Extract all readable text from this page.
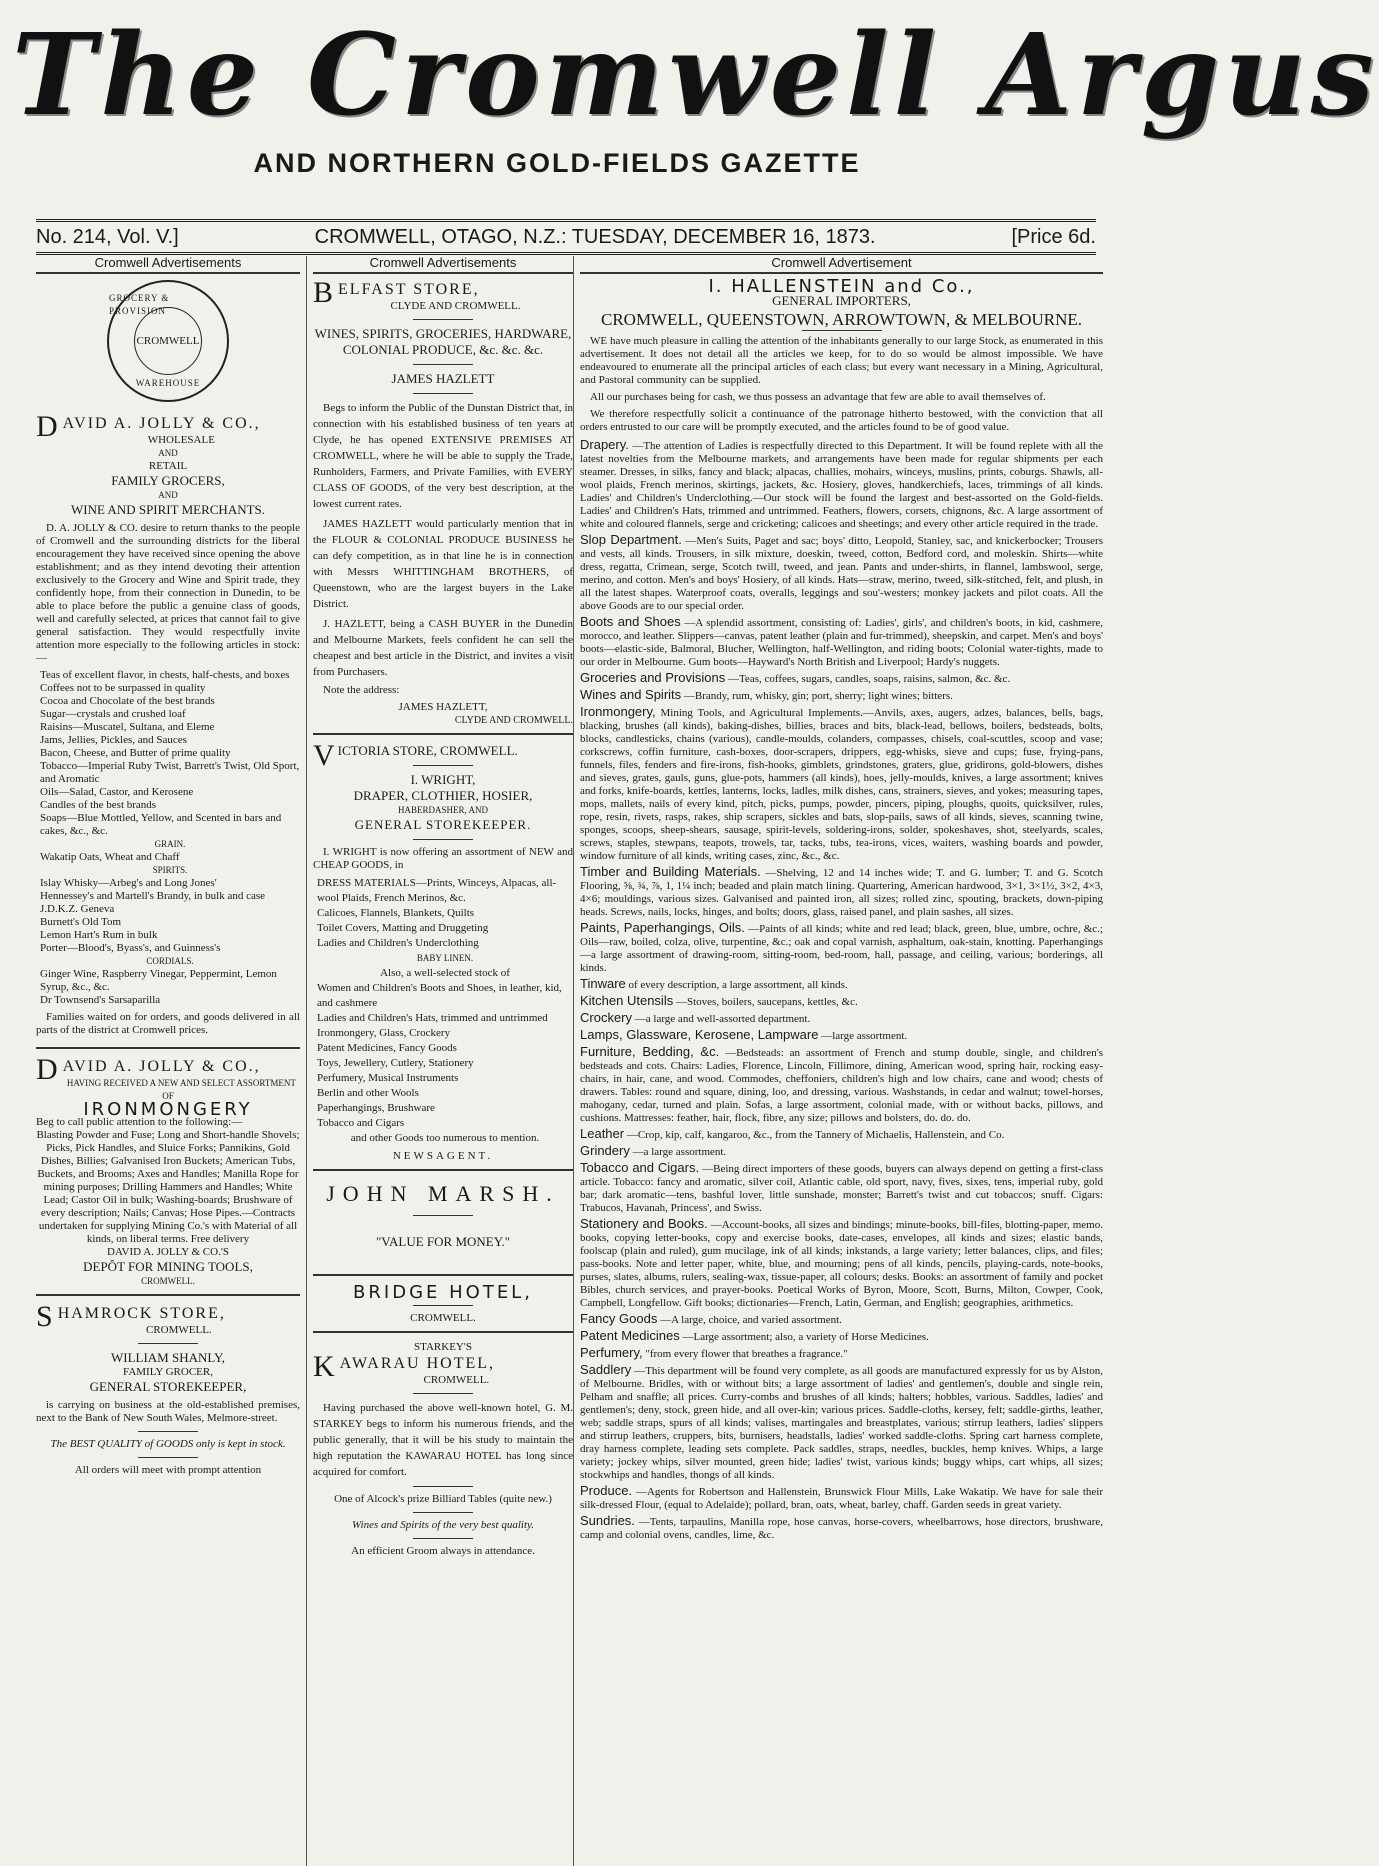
The Cromwell Argus
AND NORTHERN GOLD-FIELDS GAZETTE
No. 214, Vol. V.]	CROMWELL, OTAGO, N.Z.: TUESDAY, DECEMBER 16, 1873.	[Price 6d.
Cromwell Advertisements
GROCERY & PROVISION
CROMWELL
WAREHOUSE
DAVID A. JOLLY & CO.,
WHOLESALE
AND
RETAIL
FAMILY GROCERS,
AND
WINE AND SPIRIT MERCHANTS.
D. A. JOLLY & CO. desire to return thanks to the people of Cromwell and the surrounding districts for the liberal encouragement they have received since opening the above establishment; and as they intend devoting their attention exclusively to the Grocery and Wine and Spirit trade, they confidently hope, from their connection in Dunedin, to be able to place before the public a genuine class of goods, well and carefully selected, at prices that cannot fail to give general satisfaction. They would respectfully invite attention more especially to the following articles in stock:—
Teas of excellent flavor, in chests, half-chests, and boxes
Coffees not to be surpassed in quality
Cocoa and Chocolate of the best brands
Sugar—crystals and crushed loaf
Raisins—Muscatel, Sultana, and Eleme
Jams, Jellies, Pickles, and Sauces
Bacon, Cheese, and Butter of prime quality
Tobacco—Imperial Ruby Twist, Barrett's Twist, Old Sport, and Aromatic
Oils—Salad, Castor, and Kerosene
Candles of the best brands
Soaps—Blue Mottled, Yellow, and Scented in bars and cakes, &c., &c.
GRAIN.
Wakatip Oats, Wheat and Chaff
SPIRITS.
Islay Whisky—Arbeg's and Long Jones'
Hennessey's and Martell's Brandy, in bulk and case
J.D.K.Z. Geneva
Burnett's Old Tom
Lemon Hart's Rum in bulk
Porter—Blood's, Byass's, and Guinness's
CORDIALS.
Ginger Wine, Raspberry Vinegar, Peppermint, Lemon Syrup, &c., &c.
Dr Townsend's Sarsaparilla
Families waited on for orders, and goods delivered in all parts of the district at Cromwell prices.
DAVID A. JOLLY & CO.,
HAVING RECEIVED A NEW AND SELECT ASSORTMENT OF
IRONMONGERY
Beg to call public attention to the following:—
Blasting Powder and Fuse; Long and Short-handle Shovels;
Picks, Pick Handles, and Sluice Forks; Pannikins, Gold Dishes, Billies; Galvanised Iron Buckets; American Tubs, Buckets, and Brooms; Axes and Handles; Manilla Rope for mining purposes; Drilling Hammers and Handles; White Lead; Castor Oil in bulk; Washing-boards; Brushware of every description; Nails; Canvas; Hose Pipes.—Contracts undertaken for supplying Mining Co.'s with Material of all kinds, on liberal terms. Free delivery
DAVID A. JOLLY & CO.'S
DEPÔT FOR MINING TOOLS,
CROMWELL.
SHAMROCK STORE,
CROMWELL.
WILLIAM SHANLY,
FAMILY GROCER,
GENERAL STOREKEEPER,
is carrying on business at the old-established premises, next to the Bank of New South Wales, Melmore-street.
The BEST QUALITY of GOODS only is kept in stock.
All orders will meet with prompt attention
Cromwell Advertisements
BELFAST STORE,
CLYDE AND CROMWELL.
WINES, SPIRITS, GROCERIES, HARDWARE, COLONIAL PRODUCE, &c. &c. &c.
JAMES HAZLETT
Begs to inform the Public of the Dunstan District that, in connection with his established business of ten years at Clyde, he has opened EXTENSIVE PREMISES AT CROMWELL, where he will be able to supply the Trade, Runholders, Farmers, and Private Families, with EVERY CLASS OF GOODS, of the very best description, at the lowest current rates.
JAMES HAZLETT would particularly mention that in the FLOUR & COLONIAL PRODUCE BUSINESS he can defy competition, as in that line he is in connection with Messrs WHITTINGHAM BROTHERS, of Queenstown, who are the largest buyers in the Lake District.
J. HAZLETT, being a CASH BUYER in the Dunedin and Melbourne Markets, feels confident he can sell the cheapest and best article in the District, and invites a visit from Purchasers.
Note the address:
JAMES HAZLETT,
CLYDE AND CROMWELL.
VICTORIA STORE, CROMWELL.
I. WRIGHT,
DRAPER, CLOTHIER, HOSIER,
HABERDASHER, AND
GENERAL STOREKEEPER.
I. WRIGHT is now offering an assortment of NEW and CHEAP GOODS, in
DRESS MATERIALS—Prints, Winceys, Alpacas, all-wool Plaids, French Merinos, &c.
Calicoes, Flannels, Blankets, Quilts
Toilet Covers, Matting and Druggeting
Ladies and Children's Underclothing
BABY LINEN.
Also, a well-selected stock of
Women and Children's Boots and Shoes, in leather, kid, and cashmere
Ladies and Children's Hats, trimmed and untrimmed
Ironmongery, Glass, Crockery
Patent Medicines, Fancy Goods
Toys, Jewellery, Cutlery, Stationery
Perfumery, Musical Instruments
Berlin and other Wools
Paperhangings, Brushware
Tobacco and Cigars
and other Goods too numerous to mention.
NEWSAGENT.
JOHN MARSH.
"VALUE FOR MONEY."
BRIDGE HOTEL,
CROMWELL.
STARKEY'S
KAWARAU HOTEL,
CROMWELL.
Having purchased the above well-known hotel, G. M. STARKEY begs to inform his numerous friends, and the public generally, that it will be his study to maintain the high reputation the KAWARAU HOTEL has long since acquired for comfort.
One of Alcock's prize Billiard Tables (quite new.)
Wines and Spirits of the very best quality.
An efficient Groom always in attendance.
Cromwell Advertisement
I. HALLENSTEIN and Co.,
GENERAL IMPORTERS,
CROMWELL, QUEENSTOWN, ARROWTOWN, & MELBOURNE.
WE have much pleasure in calling the attention of the inhabitants generally to our large Stock, as enumerated in this advertisement. It does not detail all the articles we keep, for to do so would be almost impossible. We have endeavoured to enumerate all the principal articles of each class; but every want necessary in a Mining, Agricultural, and Pastoral community can be supplied.
All our purchases being for cash, we thus possess an advantage that few are able to avail themselves of.
We therefore respectfully solicit a continuance of the patronage hitherto bestowed, with the conviction that all orders entrusted to our care will be promptly executed, and the articles found to be of good value.
Drapery. —The attention of Ladies is respectfully directed to this Department. It will be found replete with all the latest novelties from the Melbourne markets, and arrangements have been made for regular shipments per each steamer. Dresses, in silks, fancy and black; alpacas, challies, mohairs, winceys, muslins, prints, coburgs. Shawls, all-wool plaids, French merinos, skirtings, jackets, &c. Hosiery, gloves, handkerchiefs, laces, trimmings of all kinds. Ladies' and Children's Underclothing.—Our stock will be found the largest and best-assorted on the Gold-fields. Ladies' and Children's Hats, trimmed and untrimmed. Feathers, flowers, corsets, chignons, &c. A large assortment of white and coloured flannels, serge and cricketing; calicoes and sheetings; and every other article required in the trade.
Slop Department. —Men's Suits, Paget and sac; boys' ditto, Leopold, Stanley, sac, and knickerbocker; Trousers and vests, all kinds. Trousers, in silk mixture, doeskin, tweed, cotton, Bedford cord, and moleskin. Shirts—white dress, regatta, Crimean, serge, Scotch twill, tweed, and jean. Pants and under-shirts, in flannel, lambswool, serge, merino, and cotton. Men's and boys' Hosiery, of all kinds. Hats—straw, merino, tweed, silk-stitched, felt, and plush, in all the latest shapes. Waterproof coats, overalls, leggings and sou'-westers; monkey jackets and pilot coats. All the above Goods are to our special order.
Boots and Shoes —A splendid assortment, consisting of: Ladies', girls', and children's boots, in kid, cashmere, morocco, and leather. Slippers—canvas, patent leather (plain and fur-trimmed), sheepskin, and carpet. Men's and boys' boots—elastic-side, Balmoral, Blucher, Wellington, half-Wellington, and riding boots; Colonial water-tights, made to our order in Melbourne. Gum boots—Hayward's North British and Liverpool; Hardy's nuggets.
Groceries and Provisions —Teas, coffees, sugars, candles, soaps, raisins, salmon, &c. &c.
Wines and Spirits —Brandy, rum, whisky, gin; port, sherry; light wines; bitters.
Ironmongery, Mining Tools, and Agricultural Implements.—Anvils, axes, augers, adzes, balances, bells, bags, blacking, brushes (all kinds), baking-dishes, billies, braces and bits, black-lead, bellows, boilers, bedsteads, bolts, blocks, candlesticks, chains (various), candle-moulds, colanders, compasses, chisels, coal-scuttles, scoop and vase; corkscrews, coffin furniture, cash-boxes, door-scrapers, drippers, egg-whisks, sieve and cups; fuse, frying-pans, funnels, files, fenders and fire-irons, fish-hooks, gimblets, grindstones, graters, glue, gridirons, gold-blowers, dishes and sieves, grates, gauls, guns, glue-pots, hammers (all kinds), hoes, jelly-moulds, knives, a large assortment; knives and forks, knife-boards, kettles, lanterns, locks, ladles, milk dishes, cans, strainers, sieves, and yokes; measuring tapes, mops, mallets, nails of every kind, pitch, picks, pumps, powder, pincers, piping, ploughs, quoits, quicksilver, rules, rope, resin, rivets, rasps, rakes, ship scrapers, sickles and bats, slop-pails, saws of all kinds, sieves, scanning twine, sponges, scoops, sheep-shears, sausage, spirit-levels, soldering-irons, solder, spokeshaves, shot, steelyards, scales, screws, staples, stewpans, teapots, trowels, tar, tacks, tubs, tea-irons, vices, waiters, washing boards and powder, window furniture of all kinds, writing cases, zinc, &c., &c.
Timber and Building Materials. —Shelving, 12 and 14 inches wide; T. and G. lumber; T. and G. Scotch Flooring, ⅝, ¾, ⅞, 1, 1¼ inch; beaded and plain match lining. Quartering, American hardwood, 3×1, 3×1½, 3×2, 4×3, 4×6; mouldings, various sizes. Galvanised and painted iron, all sizes; rolled zinc, spouting, brackets, down-piping heads. Screws, nails, locks, hinges, and bolts; doors, glass, raised panel, and plain sashes, all sizes.
Paints, Paperhangings, Oils. —Paints of all kinds; white and red lead; black, green, blue, umbre, ochre, &c.; Oils—raw, boiled, colza, olive, turpentine, &c.; oak and copal varnish, asphaltum, oak-stain, knotting. Paperhangings—a large assortment of drawing-room, sitting-room, bed-room, hall, passage, and ceiling, various; borderings, all kinds.
Tinware of every description, a large assortment, all kinds.
Kitchen Utensils —Stoves, boilers, saucepans, kettles, &c.
Crockery —a large and well-assorted department.
Lamps, Glassware, Kerosene, Lampware —large assortment.
Furniture, Bedding, &c. —Bedsteads: an assortment of French and stump double, single, and children's bedsteads and cots. Chairs: Ladies, Florence, Lincoln, Fillimore, dining, American wood, spring hair, rocking easy-chairs, in hair, cane, and wood. Commodes, cheffoniers, children's high and low chairs, cane and wood; chests of drawers. Tables: round and square, dining, loo, and dressing, various. Washstands, in cedar and walnut; towel-horses, mahogany, cedar, turned and plain. Sofas, a large assortment, colonial made, with or without backs, pillows, and cushions. Mattresses: feather, hair, flock, fibre, any size; pillows and bolsters, do. do. do.
Leather —Crop, kip, calf, kangaroo, &c., from the Tannery of Michaelis, Hallenstein, and Co.
Grindery —a large assortment.
Tobacco and Cigars. —Being direct importers of these goods, buyers can always depend on getting a first-class article. Tobacco: fancy and aromatic, silver coil, Atlantic cable, old sport, navy, fives, sixes, tens, imperial ruby, gold bar; dark aromatic—tens, bashful lover, little sunshade, monster; Barrett's twist and cut tobaccos; snuff. Cigars: Trabucos, Havanah, Princess', and Swiss.
Stationery and Books. —Account-books, all sizes and bindings; minute-books, bill-files, blotting-paper, memo. books, copying letter-books, copy and exercise books, date-cases, envelopes, all kinds and sizes; elastic bands, foolscap (plain and ruled), gum mucilage, ink of all kinds; inkstands, a large variety; letter balances, clips, and files; pass-books. Note and letter paper, white, blue, and mourning; pens of all kinds, pencils, playing-cards, note-books, purses, slates, albums, rulers, sealing-wax, tissue-paper, all colours; desks. Books: an assortment of family and pocket Bibles, church services, and prayer-books. Poetical Works of Byron, Moore, Scott, Burns, Milton, Cowper, Cook, Campbell, Longfellow. Gift books; dictionaries—French, Latin, German, and English; geographies, arithmetics.
Fancy Goods —A large, choice, and varied assortment.
Patent Medicines —Large assortment; also, a variety of Horse Medicines.
Perfumery, "from every flower that breathes a fragrance."
Saddlery —This department will be found very complete, as all goods are manufactured expressly for us by Alston, of Melbourne. Bridles, with or without bits; a large assortment of ladies' and gentlemen's, double and single rein, Pelham and snaffle; all prices. Curry-combs and brushes of all kinds; halters; hobbles, various. Saddles, ladies' and gentlemen's; deny, stock, green hide, and all over-kin; various prices. Saddle-cloths, kersey, felt; saddle-girths, leather, web; saddle straps, spurs of all kinds; valises, martingales and breastplates, various; stirrup leathers, ladies' slippers and stirrup leathers, cruppers, bits, burnisers, headstalls, ladies' worked saddle-cloths. Spring cart harness complete, dray harness complete, leading sets complete. Pack saddles, straps, needles, buckles, hemp knives. Whips, a large variety; jockey whips, silver mounted, green hide; ladies' twist, various kinds; buggy whips, cart whips, all sizes; stockwhips and handles, thongs of all kinds.
Produce. —Agents for Robertson and Hallenstein, Brunswick Flour Mills, Lake Wakatip. We have for sale their silk-dressed Flour, (equal to Adelaide); pollard, bran, oats, wheat, barley, chaff. Garden seeds in great variety.
Sundries. —Tents, tarpaulins, Manilla rope, hose canvas, horse-covers, wheelbarrows, hose directors, brushware, camp and colonial ovens, candles, lime, &c.
